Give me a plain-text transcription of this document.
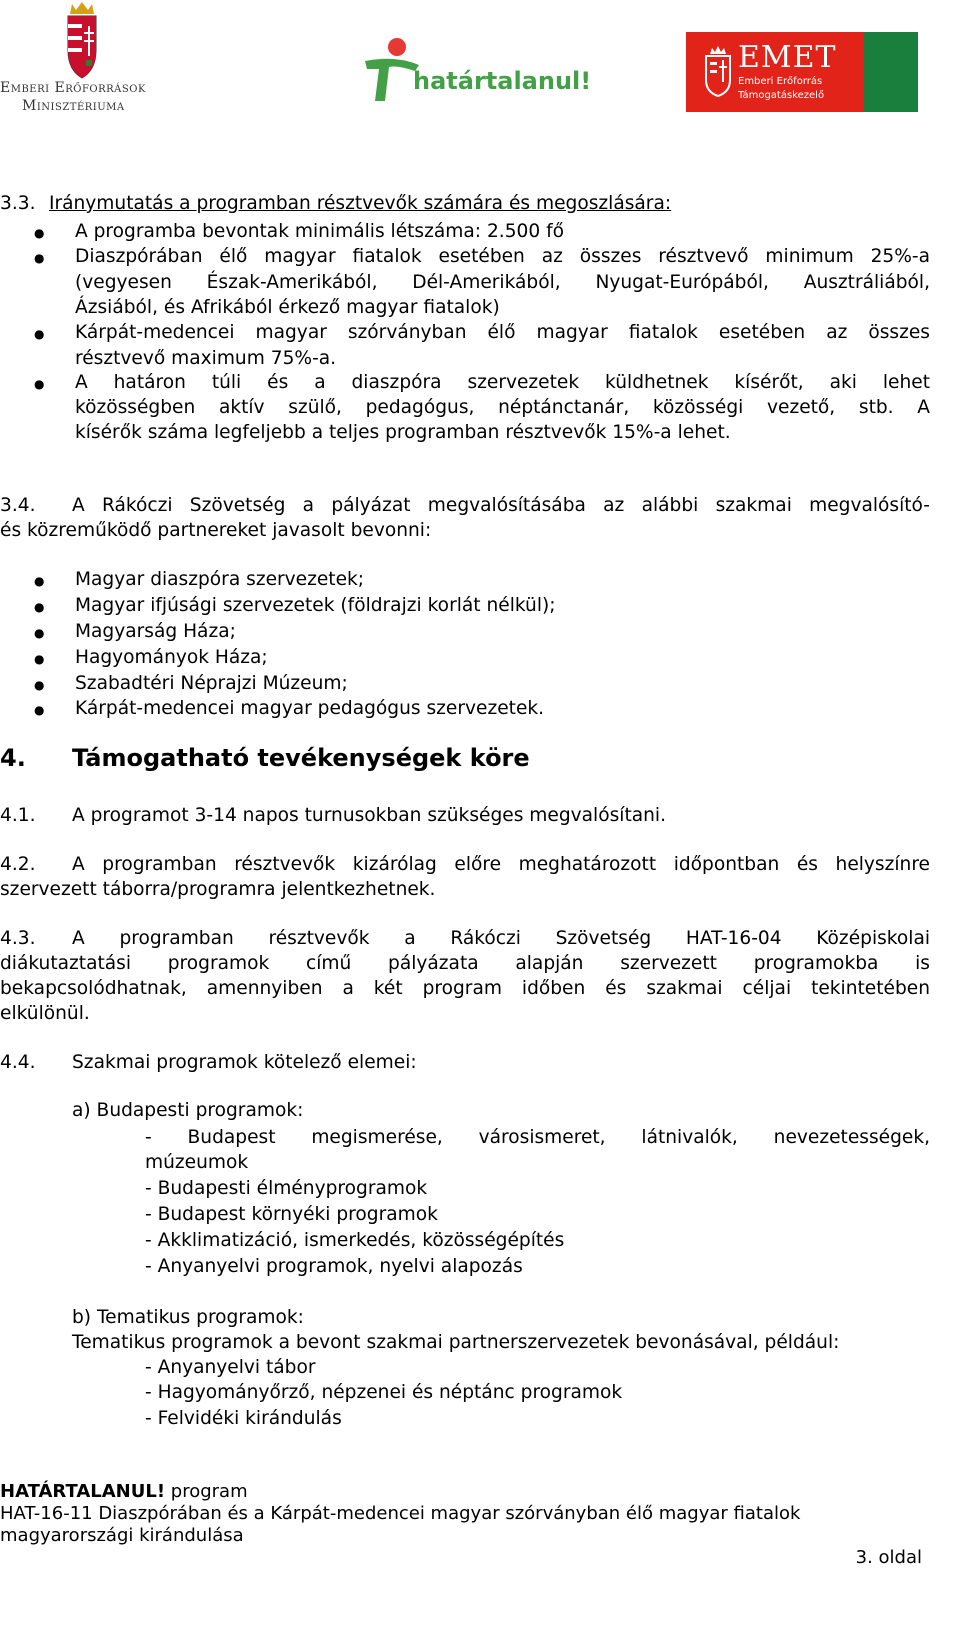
Emberi Erőforrások
Minisztériuma
határtalanul!
EMET
Emberi Erőforrás
Támogatáskezelő
3.3. Iránymutatás a programban résztvevők számára és megoszlására:
● A programba bevontak minimális létszáma: 2.500 fő
● Diaszpórában élő magyar fiatalok esetében az összes résztvevő minimum 25%-a
(vegyesen Észak-Amerikából, Dél-Amerikából, Nyugat-Európából, Ausztráliából,
Ázsiából, és Afrikából érkező magyar fiatalok)
● Kárpát-medencei magyar szórványban élő magyar fiatalok esetében az összes
résztvevő maximum 75%-a.
● A határon túli és a diaszpóra szervezetek küldhetnek kísérőt, aki lehet
közösségben aktív szülő, pedagógus, néptánctanár, közösségi vezető, stb. A
kísérők száma legfeljebb a teljes programban résztvevők 15%-a lehet.
3.4. A Rákóczi Szövetség a pályázat megvalósításába az alábbi szakmai megvalósító-
és közreműködő partnereket javasolt bevonni:
● Magyar diaszpóra szervezetek;
● Magyar ifjúsági szervezetek (földrajzi korlát nélkül);
● Magyarság Háza;
● Hagyományok Háza;
● Szabadtéri Néprajzi Múzeum;
● Kárpát-medencei magyar pedagógus szervezetek.
4. Támogatható tevékenységek köre
4.1. A programot 3-14 napos turnusokban szükséges megvalósítani.
4.2. A programban résztvevők kizárólag előre meghatározott időpontban és helyszínre
szervezett táborra/programra jelentkezhetnek.
4.3. A programban résztvevők a Rákóczi Szövetség HAT-16-04 Középiskolai
diákutaztatási programok című pályázata alapján szervezett programokba is
bekapcsolódhatnak, amennyiben a két program időben és szakmai céljai tekintetében
elkülönül.
4.4. Szakmai programok kötelező elemei:
a) Budapesti programok:
- Budapest megismerése, városismeret, látnivalók, nevezetességek,
múzeumok
- Budapesti élményprogramok
- Budapest környéki programok
- Akklimatizáció, ismerkedés, közösségépítés
- Anyanyelvi programok, nyelvi alapozás
b) Tematikus programok:
Tematikus programok a bevont szakmai partnerszervezetek bevonásával, például:
- Anyanyelvi tábor
- Hagyományőrző, népzenei és néptánc programok
- Felvidéki kirándulás
HATÁRTALANUL! program
HAT-16-11 Diaszpórában és a Kárpát-medencei magyar szórványban élő magyar fiatalok
magyarországi kirándulása
3. oldal
